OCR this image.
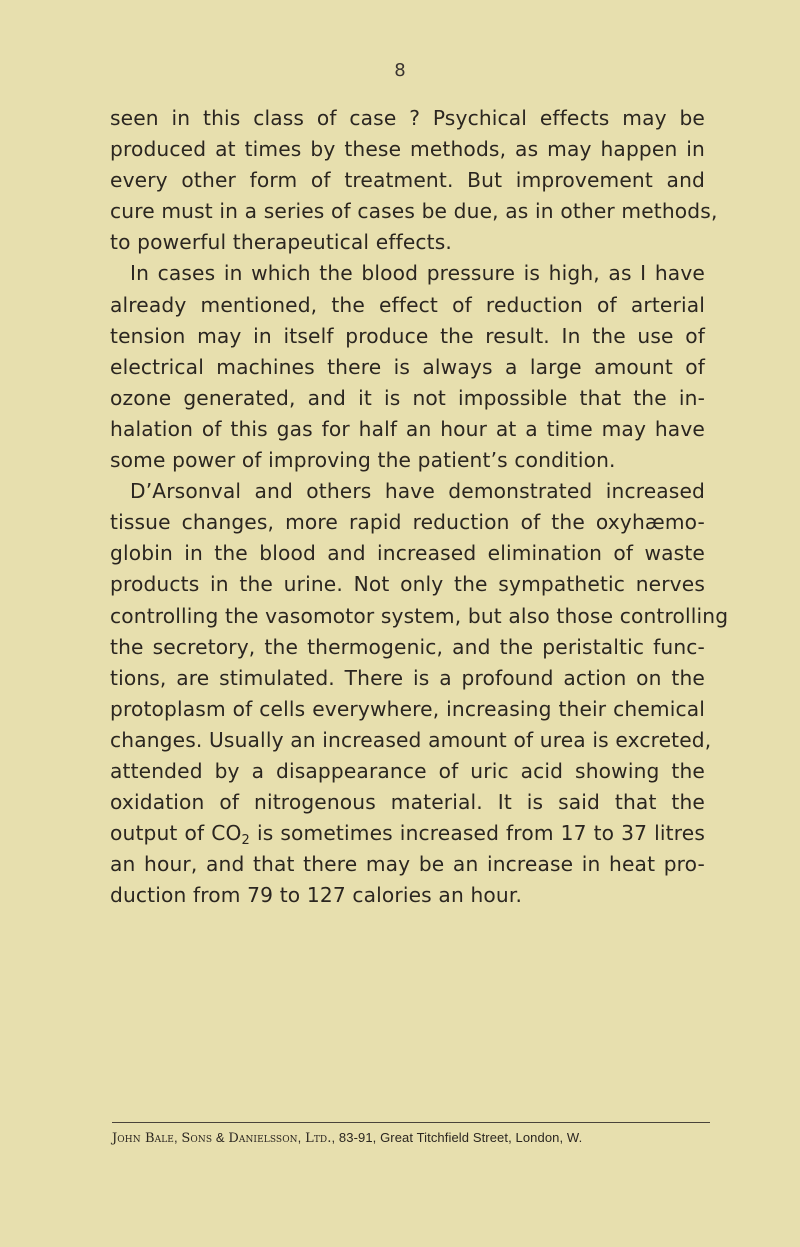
8
seen in this class of case ? Psychical effects may be
produced at times by these methods, as may happen in
every other form of treatment. But improvement and
cure must in a series of cases be due, as in other methods,
to powerful therapeutical effects.
In cases in which the blood pressure is high, as I have
already mentioned, the effect of reduction of arterial
tension may in itself produce the result. In the use of
electrical machines there is always a large amount of
ozone generated, and it is not impossible that the in-
halation of this gas for half an hour at a time may have
some power of improving the patient’s condition.
D’Arsonval and others have demonstrated increased
tissue changes, more rapid reduction of the oxyhæmo-
globin in the blood and increased elimination of waste
products in the urine. Not only the sympathetic nerves
controlling the vasomotor system, but also those controlling
the secretory, the thermogenic, and the peristaltic func-
tions, are stimulated. There is a profound action on the
protoplasm of cells everywhere, increasing their chemical
changes. Usually an increased amount of urea is excreted,
attended by a disappearance of uric acid showing the
oxidation of nitrogenous material. It is said that the
output of $CO_2$ is sometimes increased from 17 to 37 litres
an hour, and that there may be an increase in heat pro-
duction from 79 to 127 calories an hour.
John Bale, Sons & Danielsson, Ltd., 83-91, Great Titchfield Street, London, W.
